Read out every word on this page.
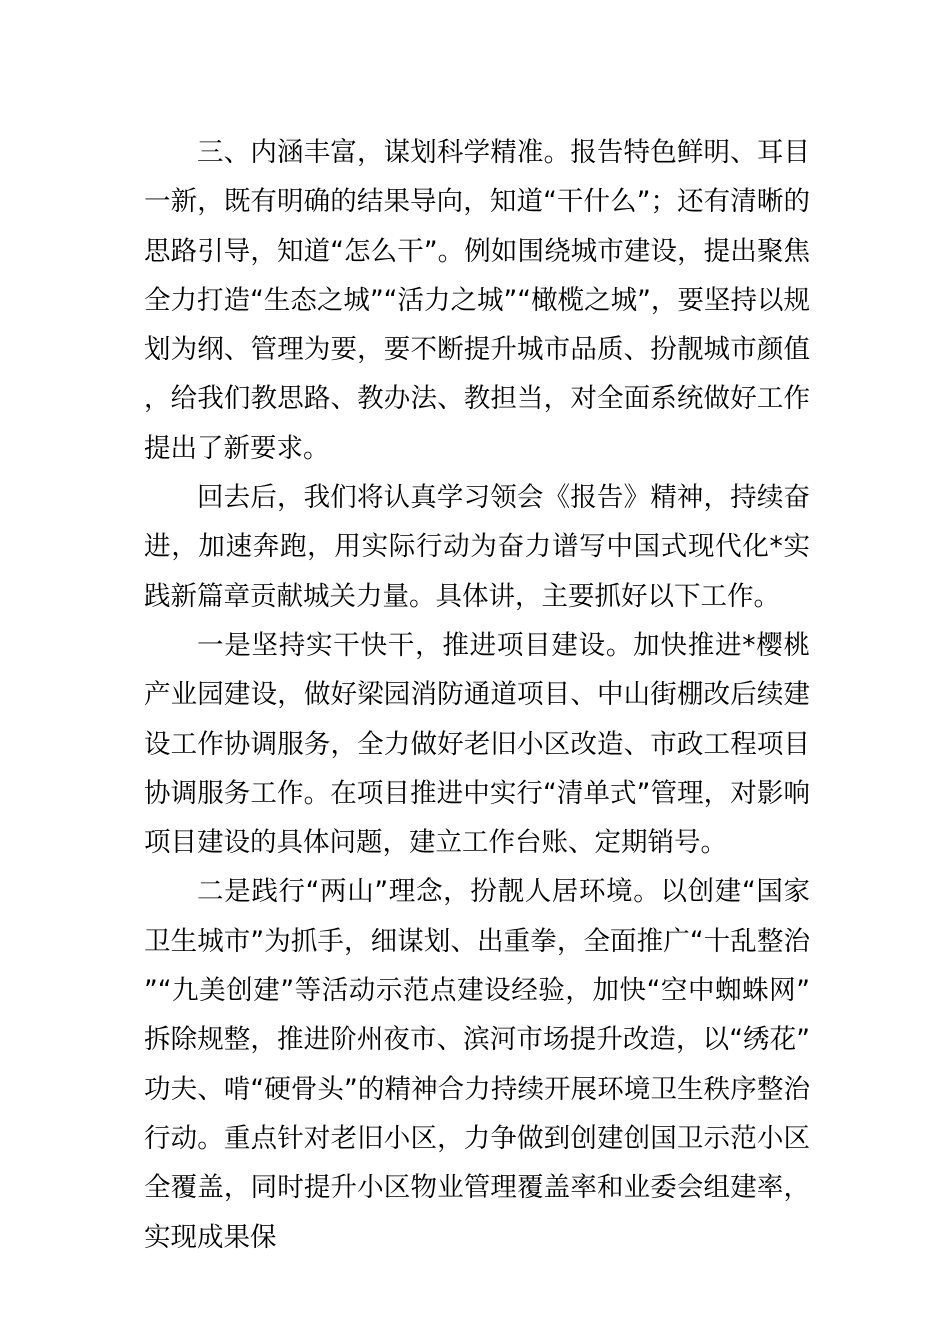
三、内涵丰富，谋划科学精准。报告特色鲜明、耳目一新，既有明确的结果导向，知道“干什么”；还有清晰的思路引导，知道“怎么干”。例如围绕城市建设，提出聚焦全力打造“生态之城”“活力之城”“橄榄之城”，要坚持以规划为纲、管理为要，要不断提升城市品质、扮靓城市颜值，给我们教思路、教办法、教担当，对全面系统做好工作提出了新要求。

回去后，我们将认真学习领会《报告》精神，持续奋进，加速奔跑，用实际行动为奋力谱写中国式现代化*实践新篇章贡献城关力量。具体讲，主要抓好以下工作。

一是坚持实干快干，推进项目建设。加快推进*樱桃产业园建设，做好梁园消防通道项目、中山街棚改后续建设工作协调服务，全力做好老旧小区改造、市政工程项目协调服务工作。在项目推进中实行“清单式”管理，对影响项目建设的具体问题，建立工作台账、定期销号。

二是践行“两山”理念，扮靓人居环境。以创建“国家卫生城市”为抓手，细谋划、出重拳，全面推广“十乱整治”“九美创建”等活动示范点建设经验，加快“空中蜘蛛网”拆除规整，推进阶州夜市、滨河市场提升改造，以“绣花”功夫、啃“硬骨头”的精神合力持续开展环境卫生秩序整治行动。重点针对老旧小区，力争做到创建创国卫示范小区全覆盖，同时提升小区物业管理覆盖率和业委会组建率，实现成果保
